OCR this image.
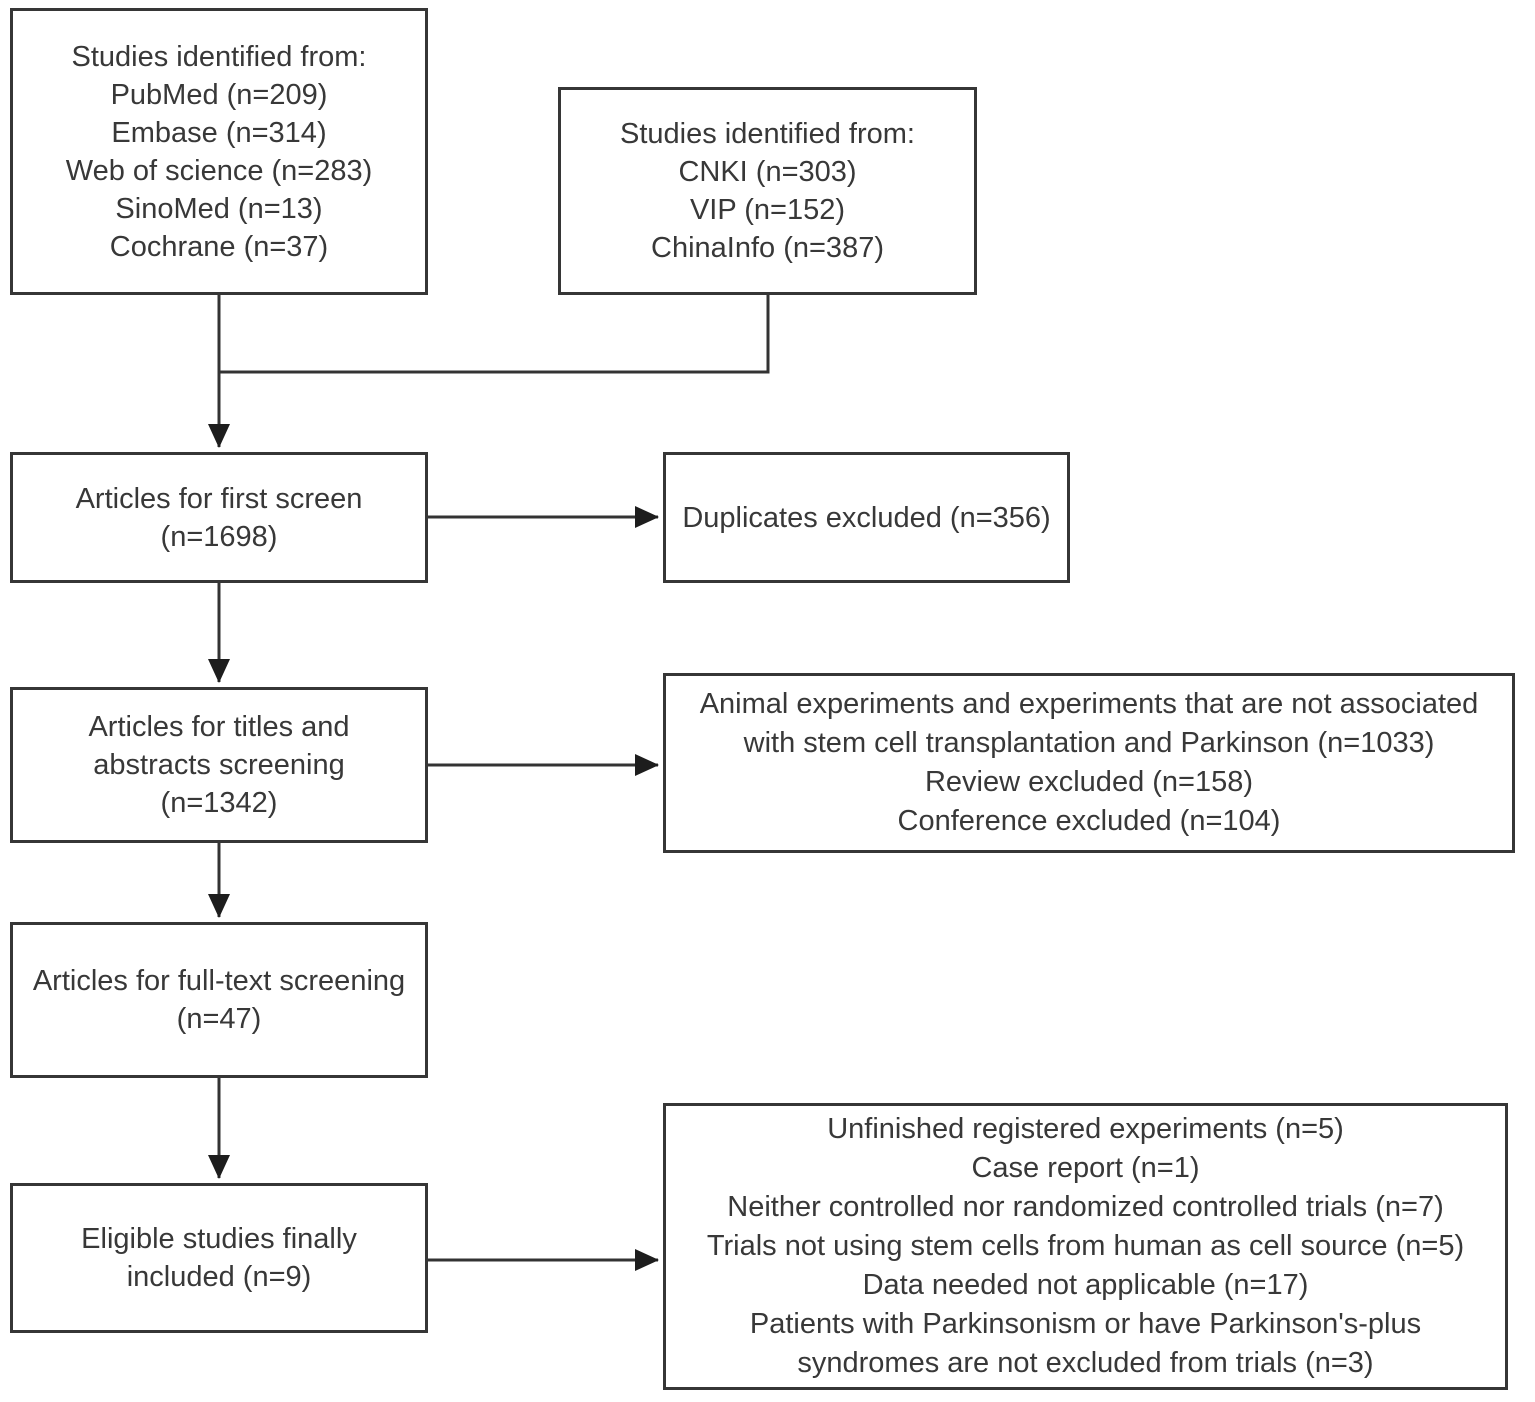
Studies identified from:
PubMed (n=209)
Embase (n=314)
Web of science (n=283)
SinoMed (n=13)
Cochrane (n=37)
Studies identified from:
CNKI (n=303)
VIP (n=152)
ChinaInfo (n=387)
Articles for first screen
(n=1698)
Duplicates excluded (n=356)
Articles for titles and
abstracts screening
(n=1342)
Animal experiments and experiments that are not associated
with stem cell transplantation and Parkinson (n=1033)
Review excluded (n=158)
Conference excluded (n=104)
Articles for full-text screening
(n=47)
Eligible studies finally
included (n=9)
Unfinished registered experiments (n=5)
Case report (n=1)
Neither controlled nor randomized controlled trials (n=7)
Trials not using stem cells from human as cell source (n=5)
Data needed not applicable (n=17)
Patients with Parkinsonism or have Parkinson's-plus
syndromes are not excluded from trials (n=3)
